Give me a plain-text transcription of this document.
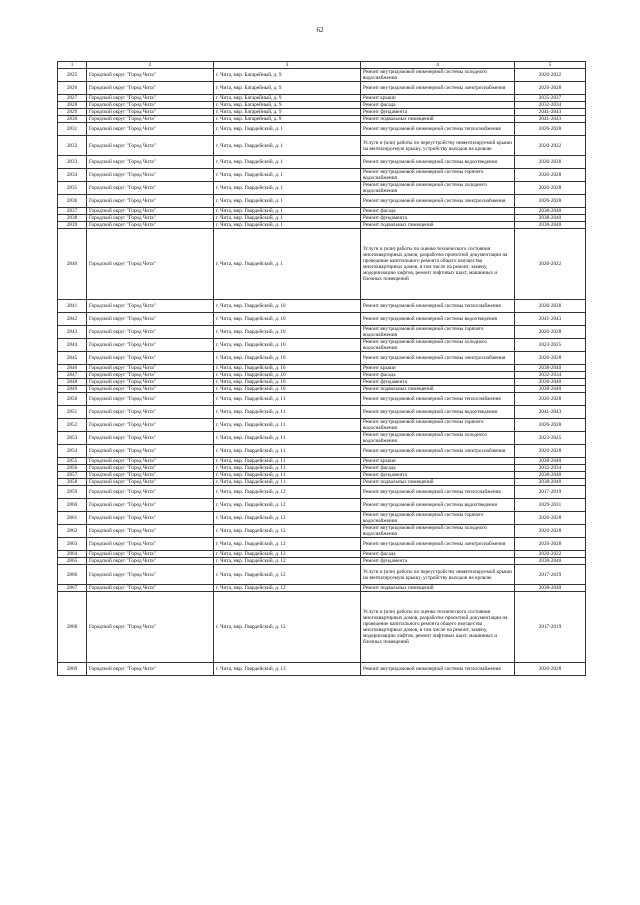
62
1	2	3	4	5
2825	Городской округ "Город Чита"	г. Чита, мкр. Батарейный, д. 9	Ремонт внутридомовой инженерной системы холодного водоснабжения	2020-2022
2826	Городской округ "Город Чита"	г. Чита, мкр. Батарейный, д. 9	Ремонт внутридомовой инженерной системы электроснабжения	2026-2028
2827	Городской округ "Город Чита"	г. Чита, мкр. Батарейный, д. 9	Ремонт крыши	2035-2037
2828	Городской округ "Город Чита"	г. Чита, мкр. Батарейный, д. 9	Ремонт фасада	2032-2034
2829	Городской округ "Город Чита"	г. Чита, мкр. Батарейный, д. 9	Ремонт фундамента	2041-2043
2830	Городской округ "Город Чита"	г. Чита, мкр. Батарейный, д. 9	Ремонт подвальных помещений	2041-2043
2831	Городской округ "Город Чита"	г. Чита, мкр. Гвардейский, д. 1	Ремонт внутридомовой инженерной системы теплоснабжения	2026-2028
2832	Городской округ "Город Чита"	г. Чита, мкр. Гвардейский, д. 1	Услуги и (или) работы по переустройству невентилируемой крыши на вентилируемую крышу, устройству выходов на кровлю	2020-2022
2833	Городской округ "Город Чита"	г. Чита, мкр. Гвардейский, д. 1	Ремонт внутридомовой инженерной системы водоотведения	2026-2028
2834	Городской округ "Город Чита"	г. Чита, мкр. Гвардейский, д. 1	Ремонт внутридомовой инженерной системы горячего водоснабжения	2026-2028
2835	Городской округ "Город Чита"	г. Чита, мкр. Гвардейский, д. 1	Ремонт внутридомовой инженерной системы холодного водоснабжения	2026-2028
2836	Городской округ "Город Чита"	г. Чита, мкр. Гвардейский, д. 1	Ремонт внутридомовой инженерной системы электроснабжения	2026-2028
2837	Городской округ "Город Чита"	г. Чита, мкр. Гвардейский, д. 1	Ремонт фасада	2038-2040
2838	Городской округ "Город Чита"	г. Чита, мкр. Гвардейский, д. 1	Ремонт фундамента	2038-2040
2839	Городской округ "Город Чита"	г. Чита, мкр. Гвардейский, д. 1	Ремонт подвальных помещений	2038-2040
2840	Городской округ "Город Чита"	г. Чита, мкр. Гвардейский, д. 1	Услуги и (или) работы по оценке технического состояния многоквартирных домов, разработке проектной документации на проведение капитального ремонта общего имущества многоквартирных домов, в том числе на ремонт, замену, модернизацию лифтов, ремонт лифтовых шахт, машинных и блочных помещений	2020-2022
2841	Городской округ "Город Чита"	г. Чита, мкр. Гвардейский, д. 10	Ремонт внутридомовой инженерной системы теплоснабжения	2026-2028
2842	Городской округ "Город Чита"	г. Чита, мкр. Гвардейский, д. 10	Ремонт внутридомовой инженерной системы водоотведения	2041-2043
2843	Городской округ "Город Чита"	г. Чита, мкр. Гвардейский, д. 10	Ремонт внутридомовой инженерной системы горячего водоснабжения	2026-2028
2844	Городской округ "Город Чита"	г. Чита, мкр. Гвардейский, д. 10	Ремонт внутридомовой инженерной системы холодного водоснабжения	2023-2025
2845	Городской округ "Город Чита"	г. Чита, мкр. Гвардейский, д. 10	Ремонт внутридомовой инженерной системы электроснабжения	2026-2028
2846	Городской округ "Город Чита"	г. Чита, мкр. Гвардейский, д. 10	Ремонт крыши	2038-2040
2847	Городской округ "Город Чита"	г. Чита, мкр. Гвардейский, д. 10	Ремонт фасада	2032-2034
2848	Городской округ "Город Чита"	г. Чита, мкр. Гвардейский, д. 10	Ремонт фундамента	2038-2040
2849	Городской округ "Город Чита"	г. Чита, мкр. Гвардейский, д. 10	Ремонт подвальных помещений	2038-2040
2850	Городской округ "Город Чита"	г. Чита, мкр. Гвардейский, д. 11	Ремонт внутридомовой инженерной системы теплоснабжения	2026-2028
2851	Городской округ "Город Чита"	г. Чита, мкр. Гвардейский, д. 11	Ремонт внутридомовой инженерной системы водоотведения	2041-2043
2852	Городской округ "Город Чита"	г. Чита, мкр. Гвардейский, д. 11	Ремонт внутридомовой инженерной системы горячего водоснабжения	2026-2028
2853	Городской округ "Город Чита"	г. Чита, мкр. Гвардейский, д. 11	Ремонт внутридомовой инженерной системы холодного водоснабжения	2023-2025
2854	Городской округ "Город Чита"	г. Чита, мкр. Гвардейский, д. 11	Ремонт внутридомовой инженерной системы электроснабжения	2026-2028
2855	Городской округ "Город Чита"	г. Чита, мкр. Гвардейский, д. 11	Ремонт крыши	2038-2040
2856	Городской округ "Город Чита"	г. Чита, мкр. Гвардейский, д. 11	Ремонт фасада	2032-2034
2857	Городской округ "Город Чита"	г. Чита, мкр. Гвардейский, д. 11	Ремонт фундамента	2038-2040
2858	Городской округ "Город Чита"	г. Чита, мкр. Гвардейский, д. 11	Ремонт подвальных помещений	2038-2040
2859	Городской округ "Город Чита"	г. Чита, мкр. Гвардейский, д. 12	Ремонт внутридомовой инженерной системы теплоснабжения	2017-2019
2860	Городской округ "Город Чита"	г. Чита, мкр. Гвардейский, д. 12	Ремонт внутридомовой инженерной системы водоотведения	2029-2031
2861	Городской округ "Город Чита"	г. Чита, мкр. Гвардейский, д. 12	Ремонт внутридомовой инженерной системы горячего водоснабжения	2026-2028
2862	Городской округ "Город Чита"	г. Чита, мкр. Гвардейский, д. 12	Ремонт внутридомовой инженерной системы холодного водоснабжения	2026-2028
2863	Городской округ "Город Чита"	г. Чита, мкр. Гвардейский, д. 12	Ремонт внутридомовой инженерной системы электроснабжения	2026-2028
2864	Городской округ "Город Чита"	г. Чита, мкр. Гвардейский, д. 12	Ремонт фасада	2020-2022
2865	Городской округ "Город Чита"	г. Чита, мкр. Гвардейский, д. 12	Ремонт фундамента	2038-2040
2866	Городской округ "Город Чита"	г. Чита, мкр. Гвардейский, д. 12	Услуги и (или) работы по переустройству невентилируемой крыши на вентилируемую крышу, устройству выходов на кровлю	2017-2019
2867	Городской округ "Город Чита"	г. Чита, мкр. Гвардейский, д. 12	Ремонт подвальных помещений	2038-2040
2868	Городской округ "Город Чита"	г. Чита, мкр. Гвардейский, д. 12	Услуги и (или) работы по оценке технического состояния многоквартирных домов, разработке проектной документации на проведение капитального ремонта общего имущества многоквартирных домов, в том числе на ремонт, замену, модернизацию лифтов, ремонт лифтовых шахт, машинных и блочных помещений	2017-2019
2869	Городской округ "Город Чита"	г. Чита, мкр. Гвардейский, д. 13	Ремонт внутридомовой инженерной системы теплоснабжения	2026-2028
